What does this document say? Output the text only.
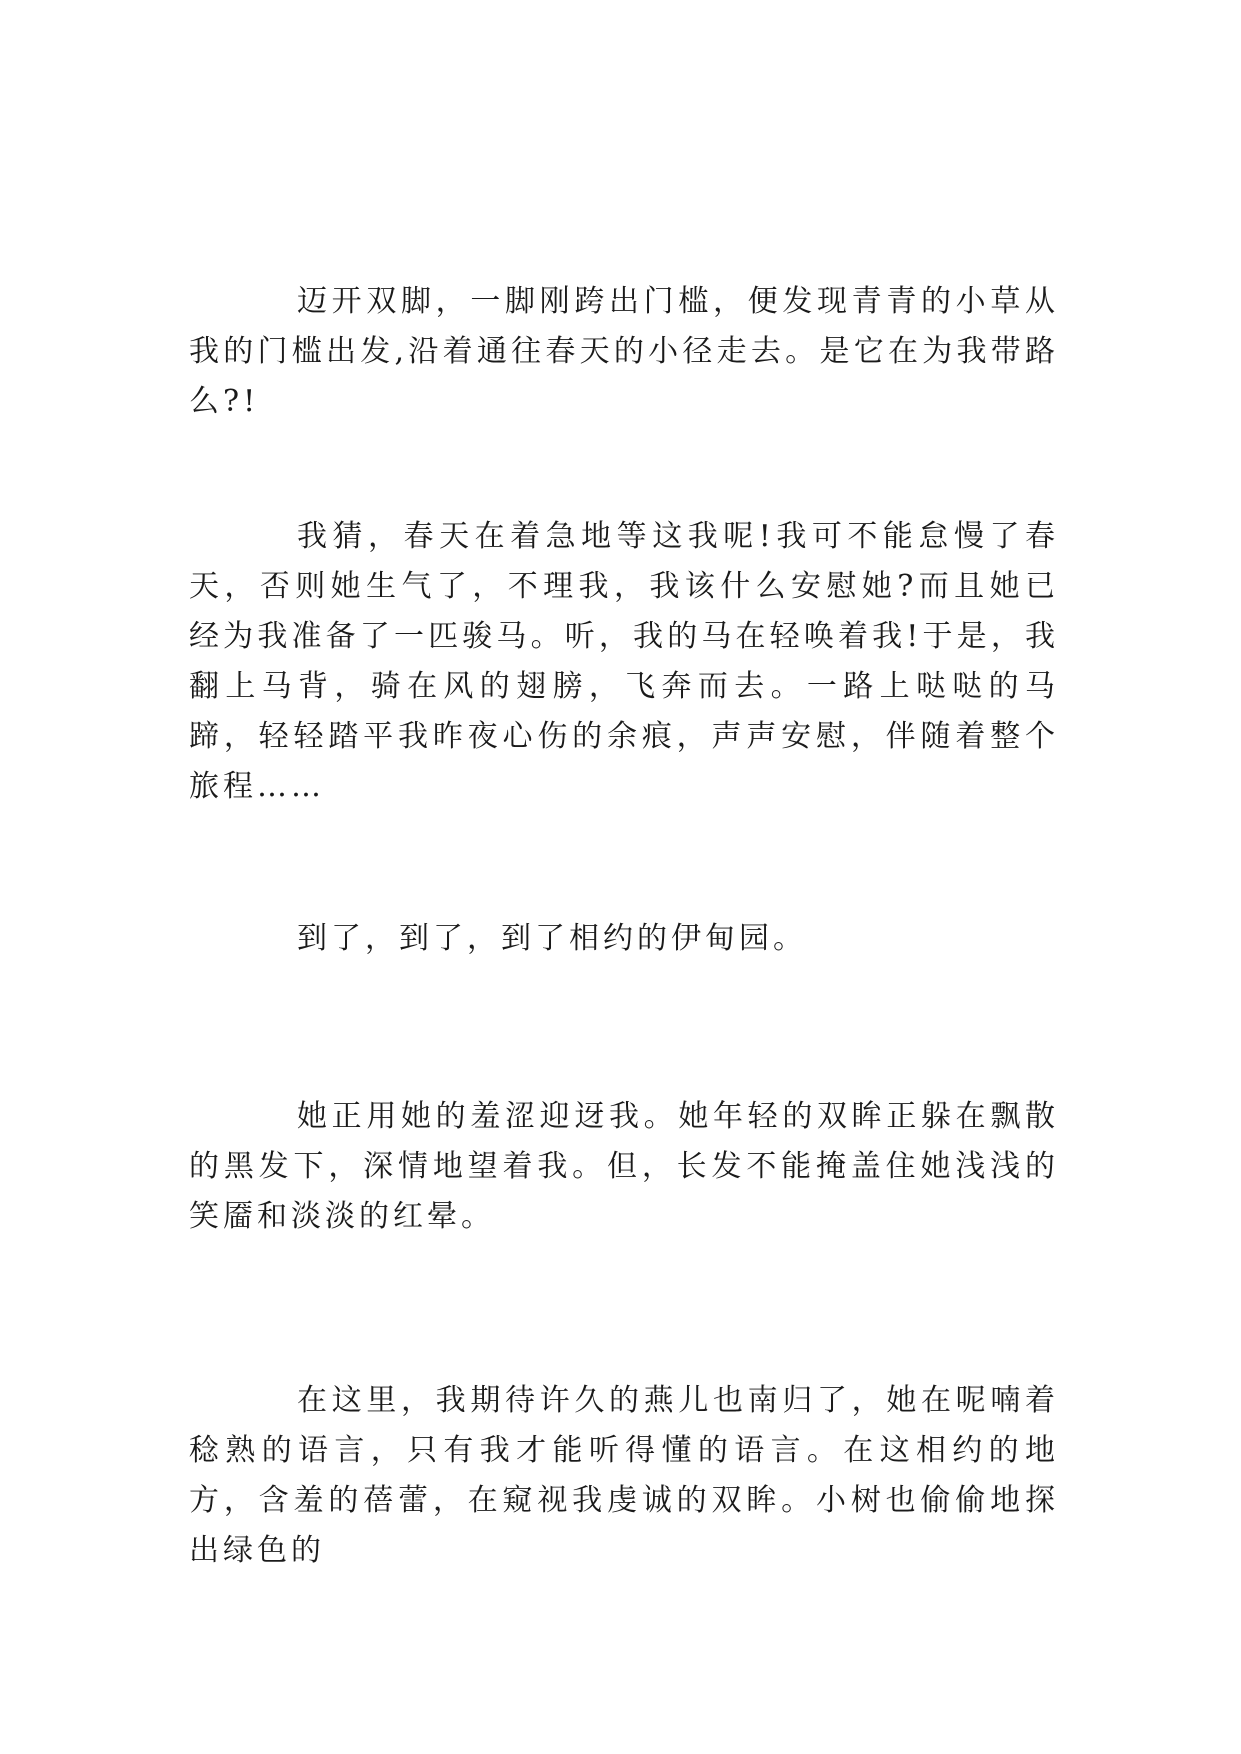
迈开双脚，一脚刚跨出门槛，便发现青青的小草从我的门槛出发,沿着通往春天的小径走去。是它在为我带路么?!

我猜，春天在着急地等这我呢!我可不能怠慢了春天，否则她生气了，不理我，我该什么安慰她?而且她已经为我准备了一匹骏马。听，我的马在轻唤着我!于是，我翻上马背，骑在风的翅膀，飞奔而去。一路上哒哒的马蹄，轻轻踏平我昨夜心伤的余痕，声声安慰，伴随着整个旅程……

到了，到了，到了相约的伊甸园。

她正用她的羞涩迎迓我。她年轻的双眸正躲在飘散的黑发下，深情地望着我。但，长发不能掩盖住她浅浅的笑靥和淡淡的红晕。

在这里，我期待许久的燕儿也南归了，她在呢喃着稔熟的语言，只有我才能听得懂的语言。在这相约的地方，含羞的蓓蕾，在窥视我虔诚的双眸。小树也偷偷地探出绿色的
